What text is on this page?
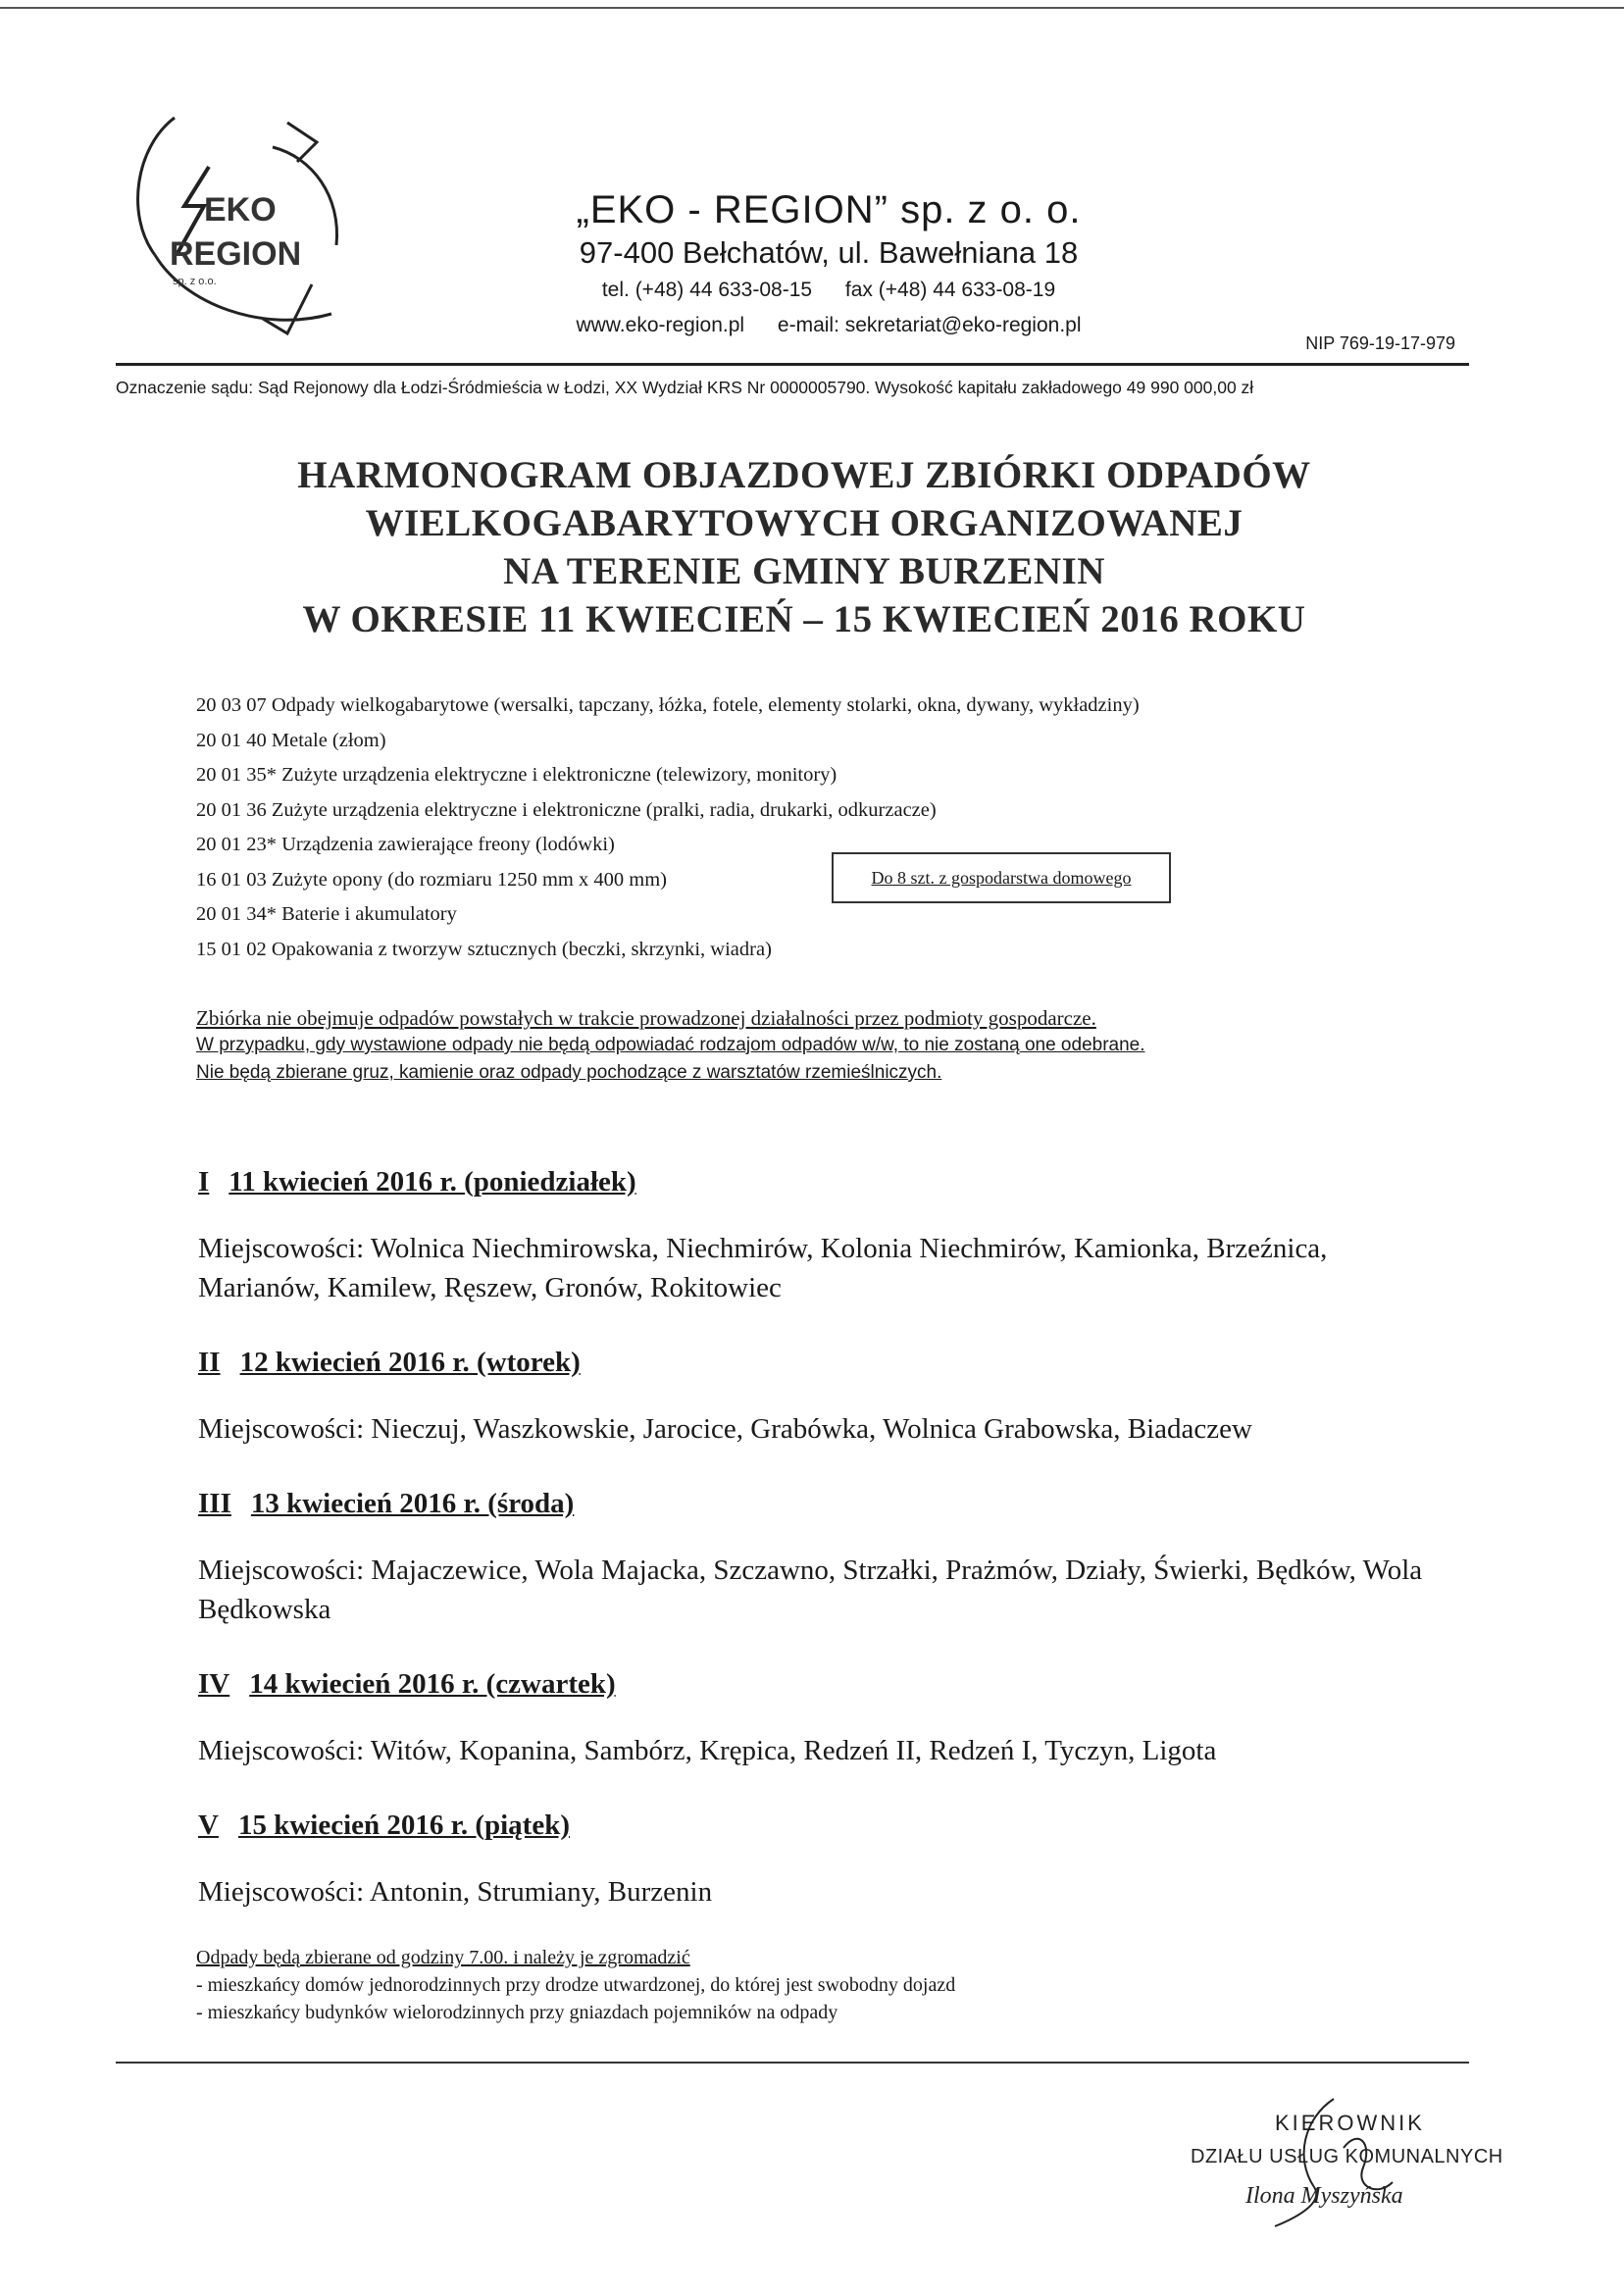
EKO
REGION
sp. z o.o.
„EKO - REGION” sp. z o. o.
97-400 Bełchatów, ul. Bawełniana 18
tel. (+48) 44 633-08-15 fax (+48) 44 633-08-19
www.eko-region.pl e-mail: sekretariat@eko-region.pl
NIP 769-19-17-979
Oznaczenie sądu: Sąd Rejonowy dla Łodzi-Śródmieścia w Łodzi, XX Wydział KRS Nr 0000005790. Wysokość kapitału zakładowego 49 990 000,00 zł
HARMONOGRAM OBJAZDOWEJ ZBIÓRKI ODPADÓW
WIELKOGABARYTOWYCH ORGANIZOWANEJ
NA TERENIE GMINY BURZENIN
W OKRESIE 11 KWIECIEŃ – 15 KWIECIEŃ 2016 ROKU
20 03 07 Odpady wielkogabarytowe (wersalki, tapczany, łóżka, fotele, elementy stolarki, okna, dywany, wykładziny)
20 01 40 Metale (złom)
20 01 35* Zużyte urządzenia elektryczne i elektroniczne (telewizory, monitory)
20 01 36 Zużyte urządzenia elektryczne i elektroniczne (pralki, radia, drukarki, odkurzacze)
20 01 23* Urządzenia zawierające freony (lodówki)
16 01 03 Zużyte opony (do rozmiaru 1250 mm x 400 mm)
20 01 34* Baterie i akumulatory
15 01 02 Opakowania z tworzyw sztucznych (beczki, skrzynki, wiadra)
Do 8 szt. z gospodarstwa domowego
Zbiórka nie obejmuje odpadów powstałych w trakcie prowadzonej działalności przez podmioty gospodarcze.
W przypadku, gdy wystawione odpady nie będą odpowiadać rodzajom odpadów w/w, to nie zostaną one odebrane.
Nie będą zbierane gruz, kamienie oraz odpady pochodzące z warsztatów rzemieślniczych.
I 11 kwiecień 2016 r. (poniedziałek)
Miejscowości: Wolnica Niechmirowska, Niechmirów, Kolonia Niechmirów, Kamionka, Brzeźnica, Marianów, Kamilew, Ręszew, Gronów, Rokitowiec
II 12 kwiecień 2016 r. (wtorek)
Miejscowości: Nieczuj, Waszkowskie, Jarocice, Grabówka, Wolnica Grabowska, Biadaczew
III 13 kwiecień 2016 r. (środa)
Miejscowości: Majaczewice, Wola Majacka, Szczawno, Strzałki, Prażmów, Działy, Świerki, Będków, Wola Będkowska
IV 14 kwiecień 2016 r. (czwartek)
Miejscowości: Witów, Kopanina, Sambórz, Krępica, Redzeń II, Redzeń I, Tyczyn, Ligota
V 15 kwiecień 2016 r. (piątek)
Miejscowości: Antonin, Strumiany, Burzenin
Odpady będą zbierane od godziny 7.00. i należy je zgromadzić
- mieszkańcy domów jednorodzinnych przy drodze utwardzonej, do której jest swobodny dojazd
- mieszkańcy budynków wielorodzinnych przy gniazdach pojemników na odpady
KIEROWNIK
DZIAŁU USŁUG KOMUNALNYCH
Ilona Myszyńska
